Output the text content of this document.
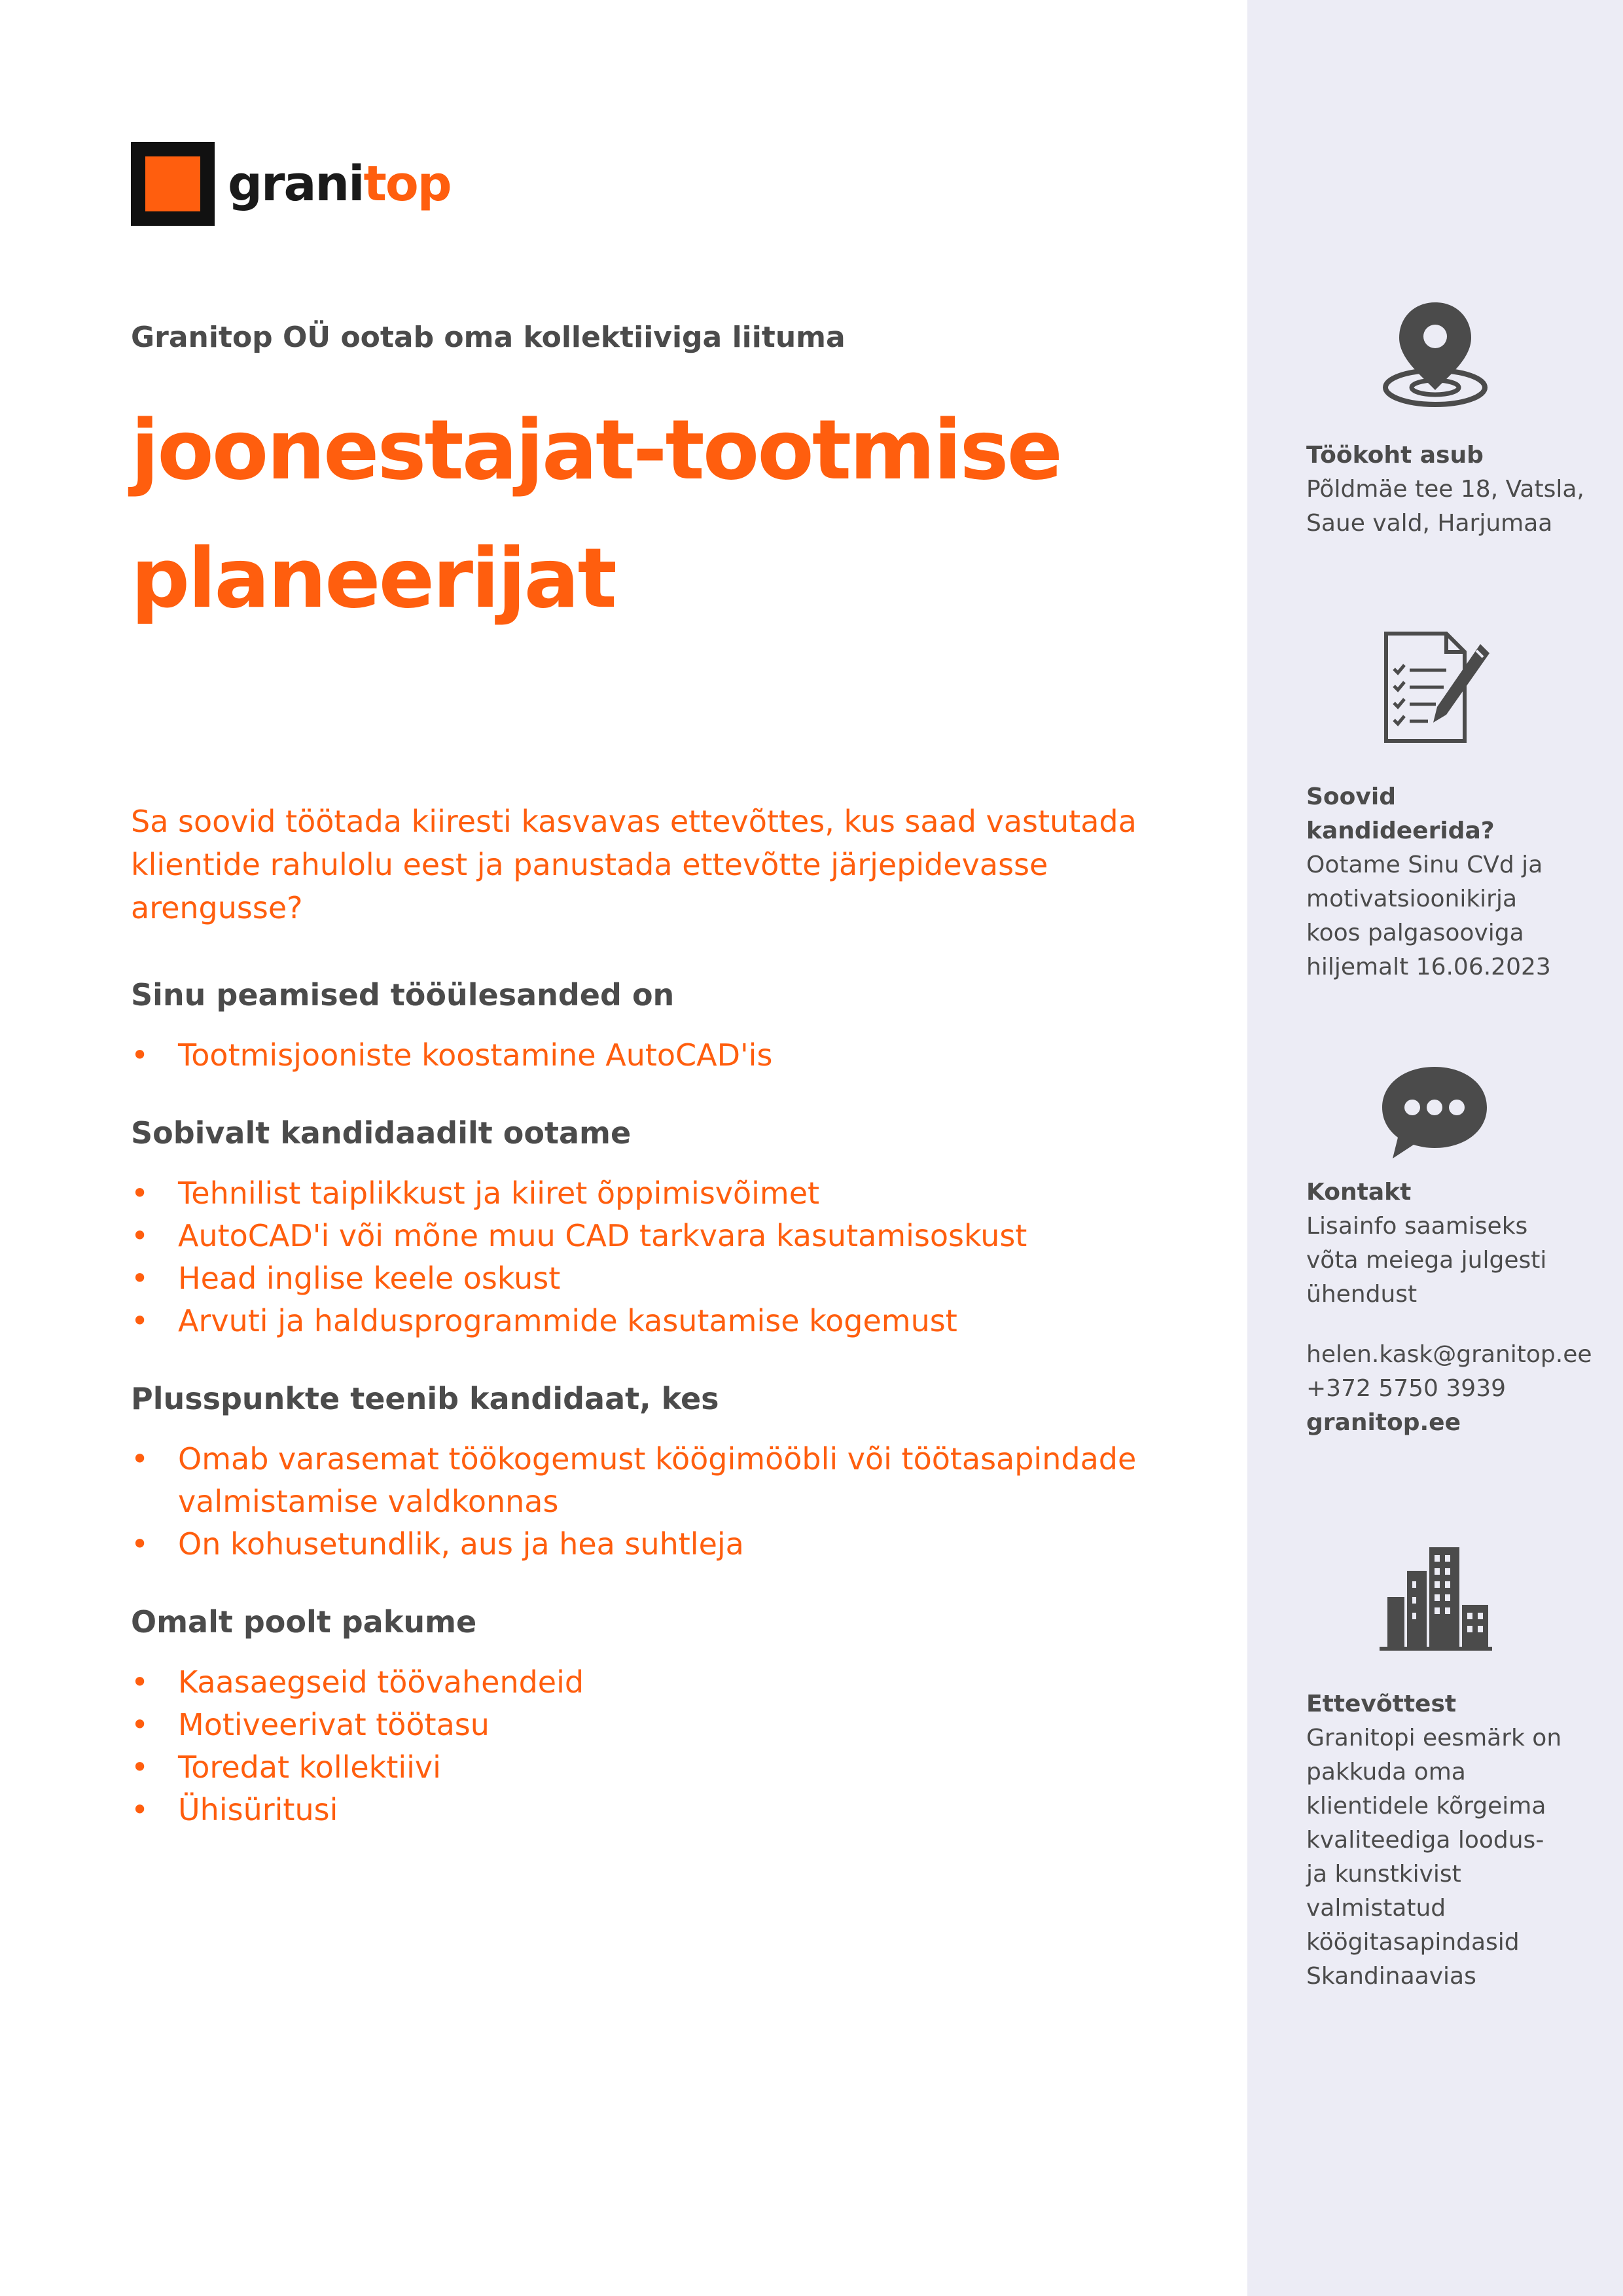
granitop

Granitop OÜ ootab oma kollektiiviga liituma

joonestajat-tootmise
planeerijat

Sa soovid töötada kiiresti kasvavas ettevõttes, kus saad vastutada klientide rahulolu eest ja panustada ettevõtte järjepidevasse arengusse?

Sinu peamised tööülesanded on
• Tootmisjooniste koostamine AutoCAD'is
Sobivalt kandidaadilt ootame
• Tehnilist taiplikkust ja kiiret õppimisvõimet
• AutoCAD'i või mõne muu CAD tarkvara kasutamisoskust
• Head inglise keele oskust
• Arvuti ja haldusprogrammide kasutamise kogemust
Plusspunkte teenib kandidaat, kes
• Omab varasemat töökogemust köögimööbli või töötasapindade valmistamise valdkonnas
• On kohusetundlik, aus ja hea suhtleja
Omalt poolt pakume
• Kaasaegseid töövahendeid
• Motiveerivat töötasu
• Toredat kollektiivi
• Ühisüritusi
Töökoht asub

Põldmäe tee 18, Vatsla,

Saue vald, Harjumaa

Soovid kandideerida?

Ootame Sinu CVd ja

motivatsioonikirja

koos palgasooviga

hiljemalt 16.06.2023

Kontakt

Lisainfo saamiseks

võta meiega julgesti

ühendust

helen.kask@granitop.ee

+372 5750 3939

granitop.ee

Ettevõttest

Granitopi eesmärk on

pakkuda oma

klientidele kõrgeima

kvaliteediga loodus-

ja kunstkivist

valmistatud

köögitasapindasid

Skandinaavias
